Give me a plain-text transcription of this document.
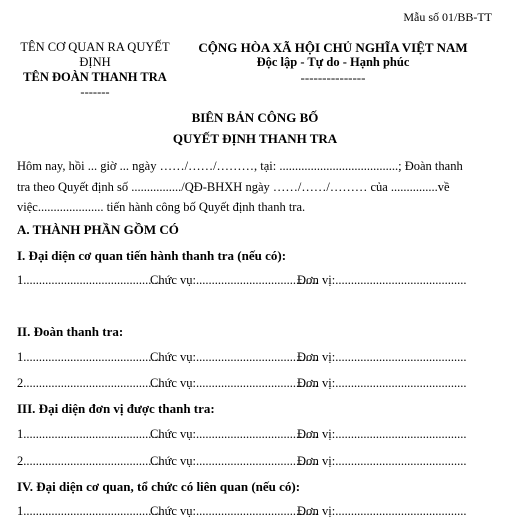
Mẫu số 01/BB-TT
TÊN CƠ QUAN RA QUYẾT ĐỊNH
TÊN ĐOÀN THANH TRA
-------
CỘNG HÒA XÃ HỘI CHỦ NGHĨA VIỆT NAM
Độc lập - Tự do - Hạnh phúc
---------------
BIÊN BẢN CÔNG BỐ
QUYẾT ĐỊNH THANH TRA
Hôm nay, hồi ... giờ ... ngày ……/……/………, tại: ......................................; Đoàn thanh
tra theo Quyết định số ................/QĐ-BHXH ngày ……/……/……… của ...............về
việc..................... tiến hành công bố Quyết định thanh tra.
A. THÀNH PHẦN GỒM CÓ
I. Đại diện cơ quan tiến hành thanh tra (nếu có):
1............................................
Chức vụ:.......................................
Đơn vị:..........................................
II. Đoàn thanh tra:
1............................................
Chức vụ:.......................................
Đơn vị:..........................................
2............................................
Chức vụ:.......................................
Đơn vị:..........................................
III. Đại diện đơn vị được thanh tra:
1............................................
Chức vụ:.......................................
Đơn vị:..........................................
2............................................
Chức vụ:.......................................
Đơn vị:..........................................
IV. Đại diện cơ quan, tổ chức có liên quan (nếu có):
1............................................
Chức vụ:.......................................
Đơn vị:..........................................
